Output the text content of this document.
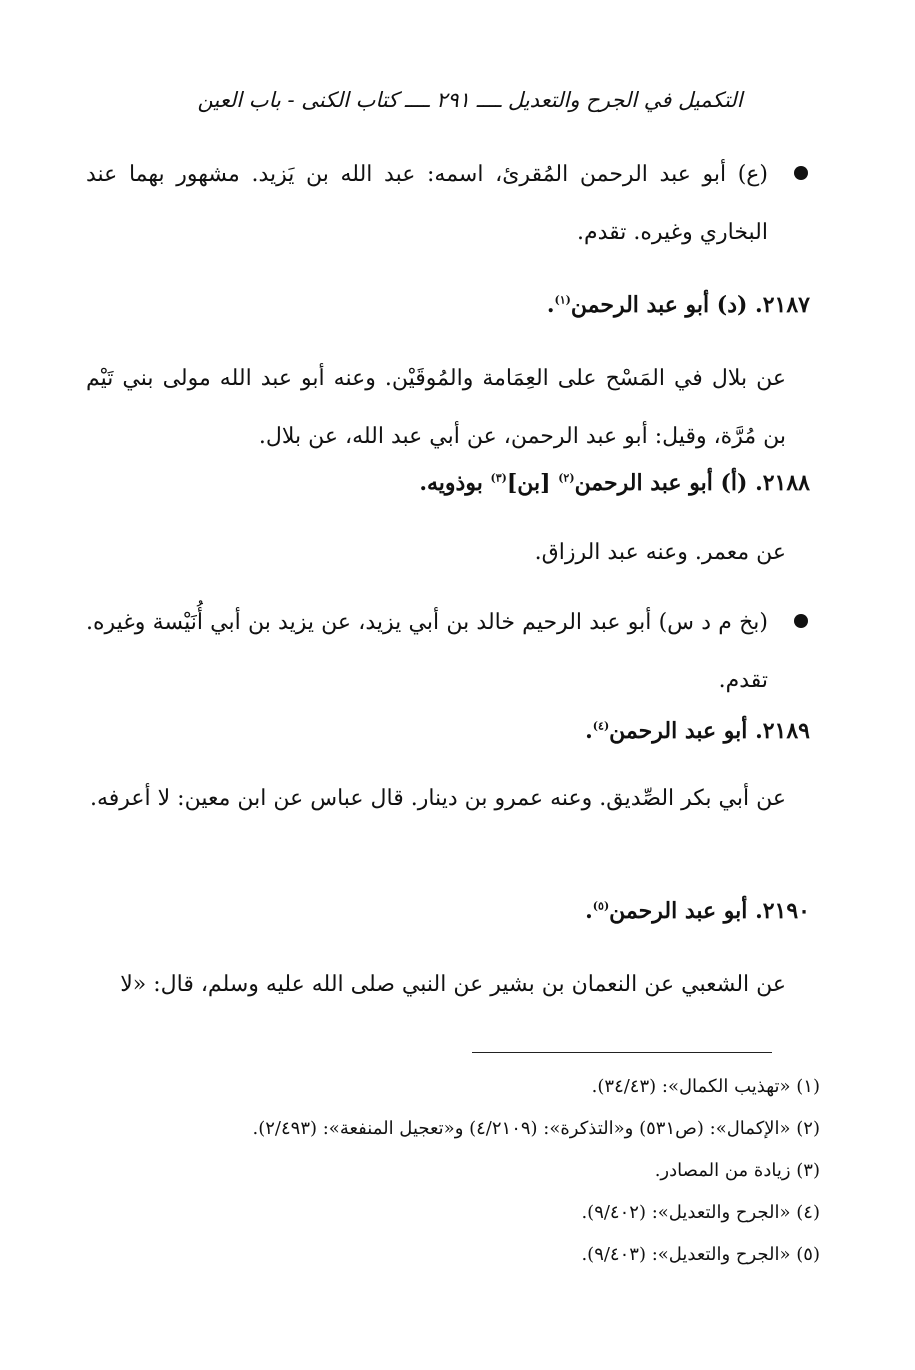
التكميل في الجرح والتعديل ــــ ٢٩١ ــــ كتاب الكنى - باب العين
(ع) أبو عبد الرحمن المُقرئ، اسمه: عبد الله بن يَزيد. مشهور بهما عند البخاري وغيره. تقدم.
٢١٨٧. (د) أبو عبد الرحمن$^{(١)}$.
عن بلال في المَسْح على العِمَامة والمُوقَيْن. وعنه أبو عبد الله مولى بني تَيْم بن مُرَّة، وقيل: أبو عبد الرحمن، عن أبي عبد الله، عن بلال.
٢١٨٨. (أ) أبو عبد الرحمن$^{(٢)}$ [بن]$^{(٣)}$ بوذويه.
عن معمر. وعنه عبد الرزاق.
(بخ م د س) أبو عبد الرحيم خالد بن أبي يزيد، عن يزيد بن أبي أُنَيْسة وغيره. تقدم.
٢١٨٩. أبو عبد الرحمن$^{(٤)}$.
عن أبي بكر الصِّديق. وعنه عمرو بن دينار. قال عباس عن ابن معين: لا أعرفه.
٢١٩٠. أبو عبد الرحمن$^{(٥)}$.
عن الشعبي عن النعمان بن بشير عن النبي صلى الله عليه وسلم، قال: «لا
(١) «تهذيب الكمال»: (٣٤/٤٣).
(٢) «الإكمال»: (ص٥٣١) و«التذكرة»: (٤/٢١٠٩) و«تعجيل المنفعة»: (٢/٤٩٣).
(٣) زيادة من المصادر.
(٤) «الجرح والتعديل»: (٩/٤٠٢).
(٥) «الجرح والتعديل»: (٩/٤٠٣).
